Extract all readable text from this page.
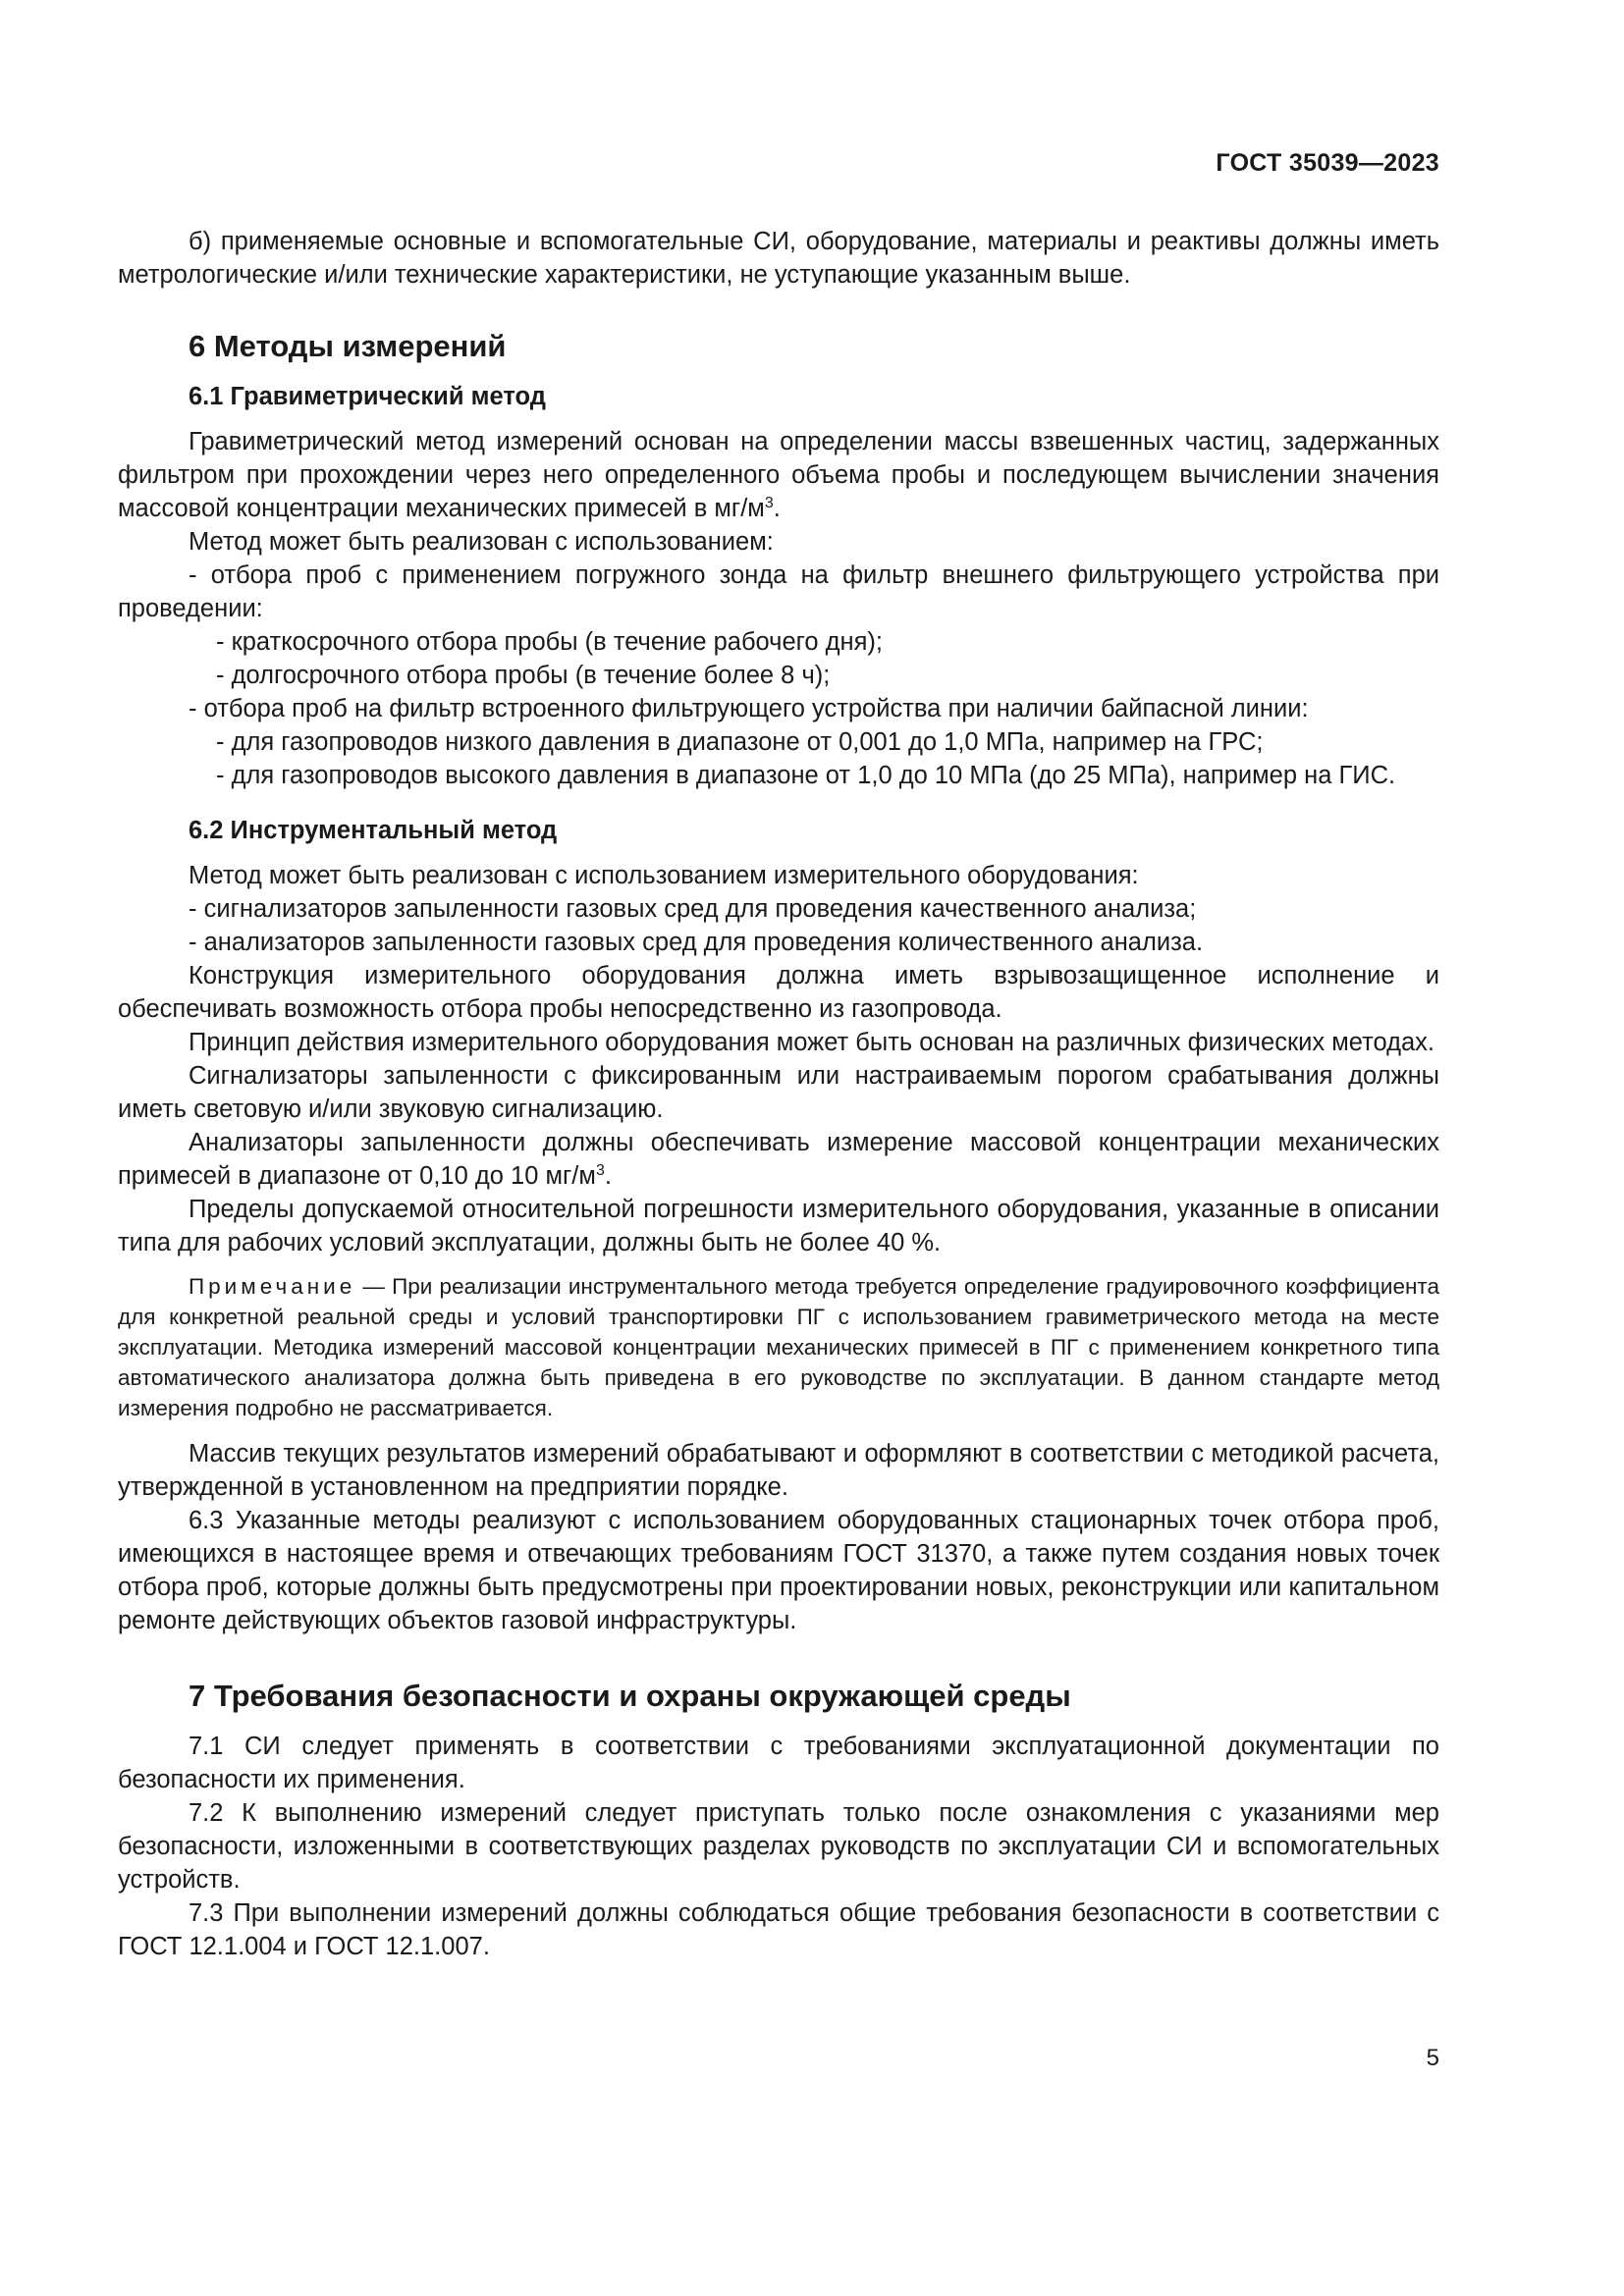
ГОСТ 35039—2023

б) применяемые основные и вспомогательные СИ, оборудование, материалы и реактивы должны иметь метрологические и/или технические характеристики, не уступающие указанным выше.

6 Методы измерений
6.1 Гравиметрический метод

Гравиметрический метод измерений основан на определении массы взвешенных частиц, задержанных фильтром при прохождении через него определенного объема пробы и последующем вычислении значения массовой концентрации механических примесей в $мг/м^3$.

Метод может быть реализован с использованием:

- отбора проб с применением погружного зонда на фильтр внешнего фильтрующего устройства при проведении:

- краткосрочного отбора пробы (в течение рабочего дня);

- долгосрочного отбора пробы (в течение более 8 ч);

- отбора проб на фильтр встроенного фильтрующего устройства при наличии байпасной линии:

- для газопроводов низкого давления в диапазоне от 0,001 до 1,0 МПа, например на ГРС;

- для газопроводов высокого давления в диапазоне от 1,0 до 10 МПа (до 25 МПа), например на ГИС.

6.2 Инструментальный метод

Метод может быть реализован с использованием измерительного оборудования:

- сигнализаторов запыленности газовых сред для проведения качественного анализа;

- анализаторов запыленности газовых сред для проведения количественного анализа.

Конструкция измерительного оборудования должна иметь взрывозащищенное исполнение и обеспечивать возможность отбора пробы непосредственно из газопровода.

Принцип действия измерительного оборудования может быть основан на различных физических методах.

Сигнализаторы запыленности с фиксированным или настраиваемым порогом срабатывания должны иметь световую и/или звуковую сигнализацию.

Анализаторы запыленности должны обеспечивать измерение массовой концентрации механических примесей в диапазоне от 0,10 до 10 $мг/м^3$.

Пределы допускаемой относительной погрешности измерительного оборудования, указанные в описании типа для рабочих условий эксплуатации, должны быть не более 40 %.

Примечание — При реализации инструментального метода требуется определение градуировочного коэффициента для конкретной реальной среды и условий транспортировки ПГ с использованием гравиметрического метода на месте эксплуатации. Методика измерений массовой концентрации механических примесей в ПГ с применением конкретного типа автоматического анализатора должна быть приведена в его руководстве по эксплуатации. В данном стандарте метод измерения подробно не рассматривается.

Массив текущих результатов измерений обрабатывают и оформляют в соответствии с методикой расчета, утвержденной в установленном на предприятии порядке.

6.3 Указанные методы реализуют с использованием оборудованных стационарных точек отбора проб, имеющихся в настоящее время и отвечающих требованиям ГОСТ 31370, а также путем создания новых точек отбора проб, которые должны быть предусмотрены при проектировании новых, реконструкции или капитальном ремонте действующих объектов газовой инфраструктуры.

7 Требования безопасности и охраны окружающей среды

7.1 СИ следует применять в соответствии с требованиями эксплуатационной документации по безопасности их применения.

7.2 К выполнению измерений следует приступать только после ознакомления с указаниями мер безопасности, изложенными в соответствующих разделах руководств по эксплуатации СИ и вспомогательных устройств.

7.3 При выполнении измерений должны соблюдаться общие требования безопасности в соответствии с ГОСТ 12.1.004 и ГОСТ 12.1.007.

5
